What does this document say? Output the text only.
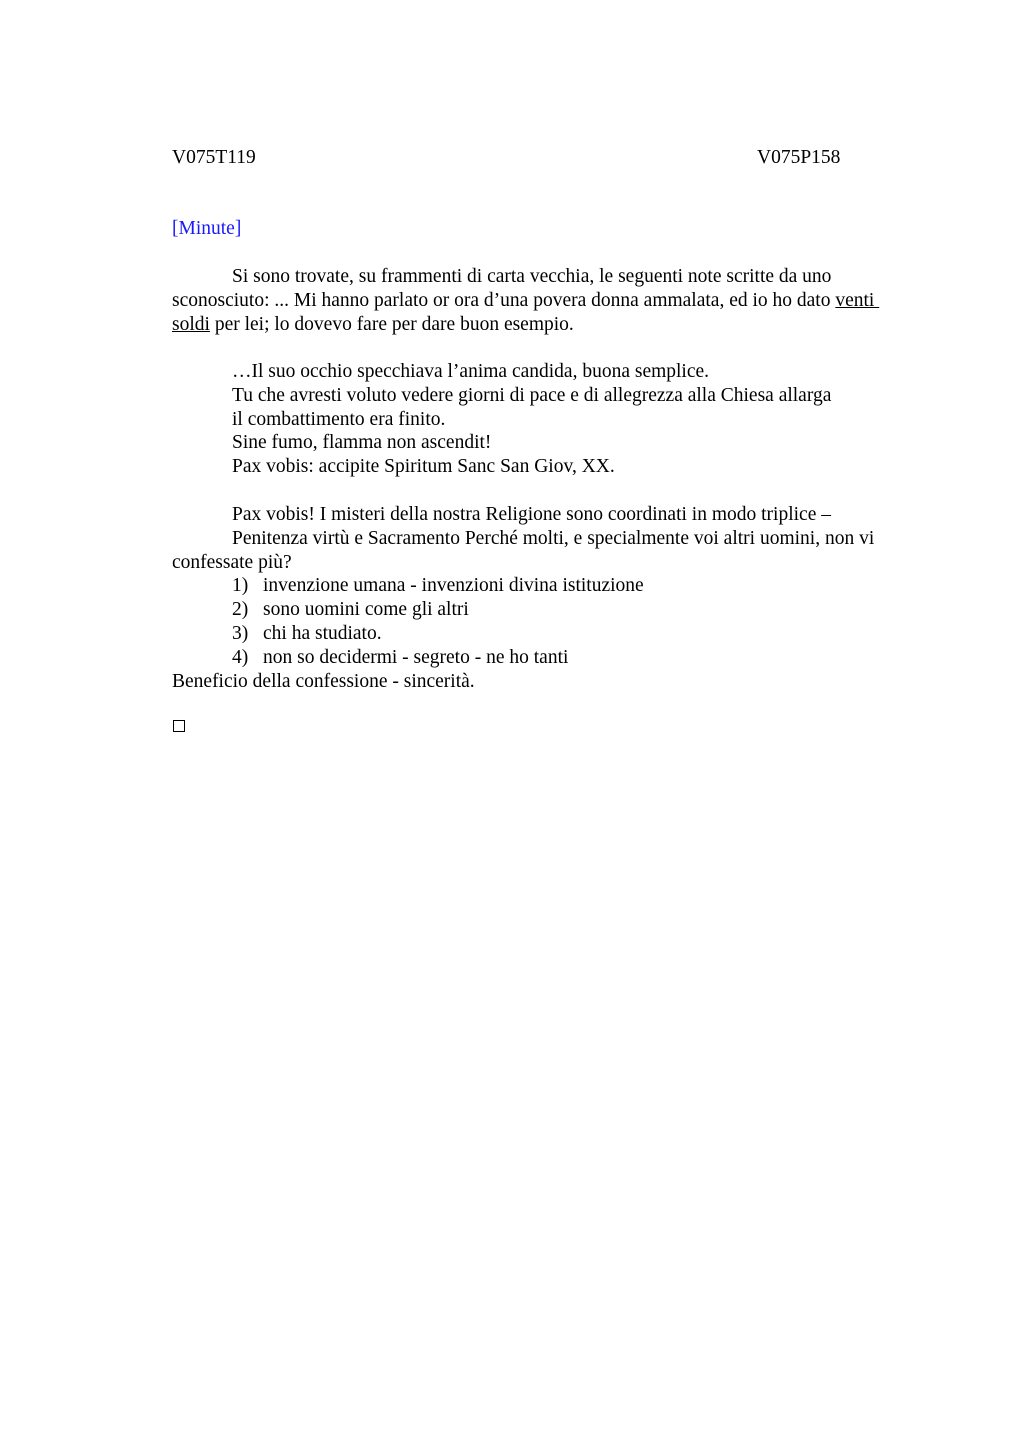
V075T119	V075P158
[Minute]
Si sono trovate, su frammenti di carta vecchia, le seguenti note scritte da uno
sconosciuto: ... Mi hanno parlato or ora d’una povera donna ammalata, ed io ho dato venti
soldi per lei; lo dovevo fare per dare buon esempio.
…Il suo occhio specchiava l’anima candida, buona semplice.
Tu che avresti voluto vedere giorni di pace e di allegrezza alla Chiesa allarga
il combattimento era finito.
Sine fumo, flamma non ascendit!
Pax vobis: accipite Spiritum Sanc San Giov, XX.
Pax vobis! I misteri della nostra Religione sono coordinati in modo triplice –
Penitenza virtù e Sacramento Perché molti, e specialmente voi altri uomini, non vi
confessate più?
1) invenzione umana - invenzioni divina istituzione
2) sono uomini come gli altri
3) chi ha studiato.
4) non so decidermi - segreto - ne ho tanti
Beneficio della confessione - sincerità.
